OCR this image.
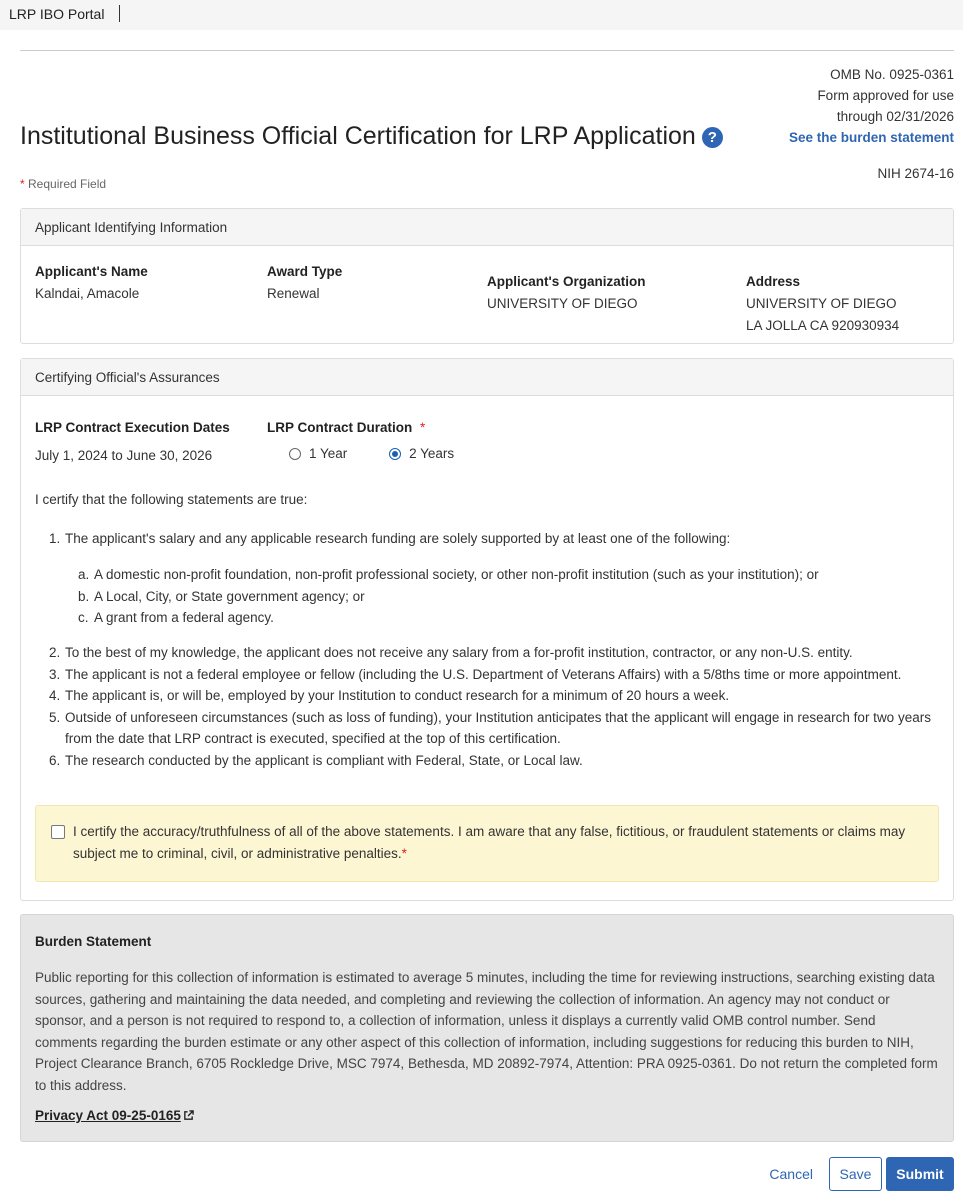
LRP IBO Portal
OMB No. 0925-0361
Form approved for use
through 02/31/2026
See the burden statement
NIH 2674-16
Institutional Business Official Certification for LRP Application ?
* Required Field
Applicant Identifying Information
Applicant's Name
Kalndai, Amacole
Award Type
Renewal
Applicant's Organization
UNIVERSITY OF DIEGO
Address
UNIVERSITY OF DIEGO
LA JOLLA CA 920930934
Certifying Official's Assurances
LRP Contract Execution Dates
July 1, 2024 to June 30, 2026
LRP Contract Duration *
1 Year
	2 Years
I certify that the following statements are true:
1. The applicant's salary and any applicable research funding are solely supported by at least one of the following:
a. A domestic non-profit foundation, non-profit professional society, or other non-profit institution (such as your institution); or
b. A Local, City, or State government agency; or
c. A grant from a federal agency.
2. To the best of my knowledge, the applicant does not receive any salary from a for-profit institution, contractor, or any non-U.S. entity.
3. The applicant is not a federal employee or fellow (including the U.S. Department of Veterans Affairs) with a 5/8ths time or more appointment.
4. The applicant is, or will be, employed by your Institution to conduct research for a minimum of 20 hours a week.
5. Outside of unforeseen circumstances (such as loss of funding), your Institution anticipates that the applicant will engage in research for two years from the date that LRP contract is executed, specified at the top of this certification.
6. The research conducted by the applicant is compliant with Federal, State, or Local law.
I certify the accuracy/truthfulness of all of the above statements. I am aware that any false, fictitious, or fraudulent statements or claims may subject me to criminal, civil, or administrative penalties.*
Burden Statement

Public reporting for this collection of information is estimated to average 5 minutes, including the time for reviewing instructions, searching existing data sources, gathering and maintaining the data needed, and completing and reviewing the collection of information. An agency may not conduct or sponsor, and a person is not required to respond to, a collection of information, unless it displays a currently valid OMB control number. Send comments regarding the burden estimate or any other aspect of this collection of information, including suggestions for reducing this burden to NIH, Project Clearance Branch, 6705 Rockledge Drive, MSC 7974, Bethesda, MD 20892-7974, Attention: PRA 0925-0361. Do not return the completed form to this address.

Privacy Act 09-25-0165
Cancel	Save	Submit
